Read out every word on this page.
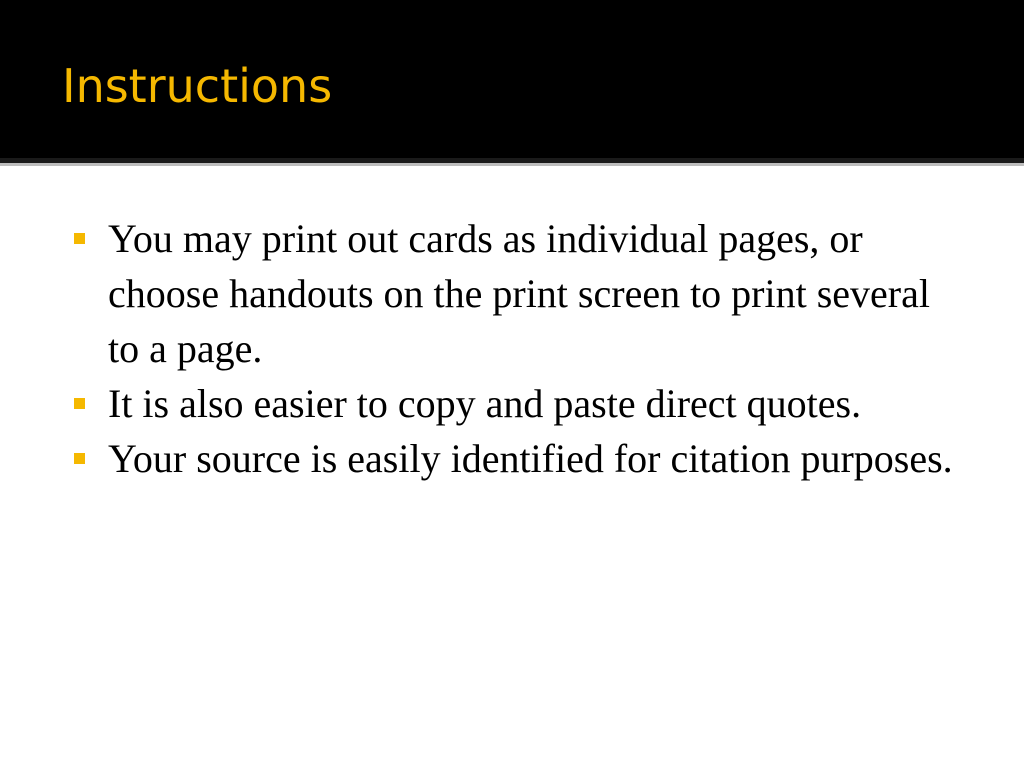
Instructions
You may print out cards as individual pages, or choose handouts on the print screen to print several to a page.
It is also easier to copy and paste direct quotes.
Your source is easily identified for citation purposes.
